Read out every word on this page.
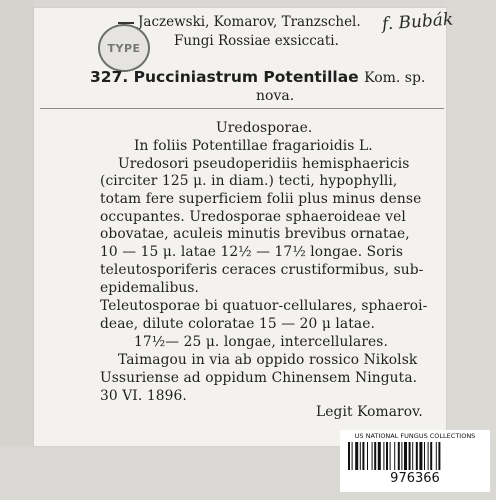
Jaczewski, Komarov, Tranzschel.
Fungi Rossiae exsiccati.
TYPE
f. Bubák
327. Pucciniastrum Potentillae Kom. sp.
nova.
Uredosporae.
In foliis Potentillae fragarioidis L.
Uredosori pseudoperidiis hemisphaericis
(circiter 125 μ. in diam.) tecti, hypophylli,
totam fere superficiem folii plus minus dense
occupantes. Uredosporae sphaeroideae vel
obovatae, aculeis minutis brevibus ornatae,
10 — 15 μ. latae 12½ — 17½ longae. Soris
teleutosporiferis ceraces crustiformibus, sub-
epidemalibus.
Teleutosporae bi quatuor-cellulares, sphaeroi-
deae, dilute coloratae 15 — 20 μ latae.
17½— 25 μ. longae, intercellulares.
Taimagou in via ab oppido rossico Nikolsk
Ussuriense ad oppidum Chinensem Ninguta.
30 VI. 1896.
Legit Komarov.
US NATIONAL FUNGUS COLLECTIONS
976366
